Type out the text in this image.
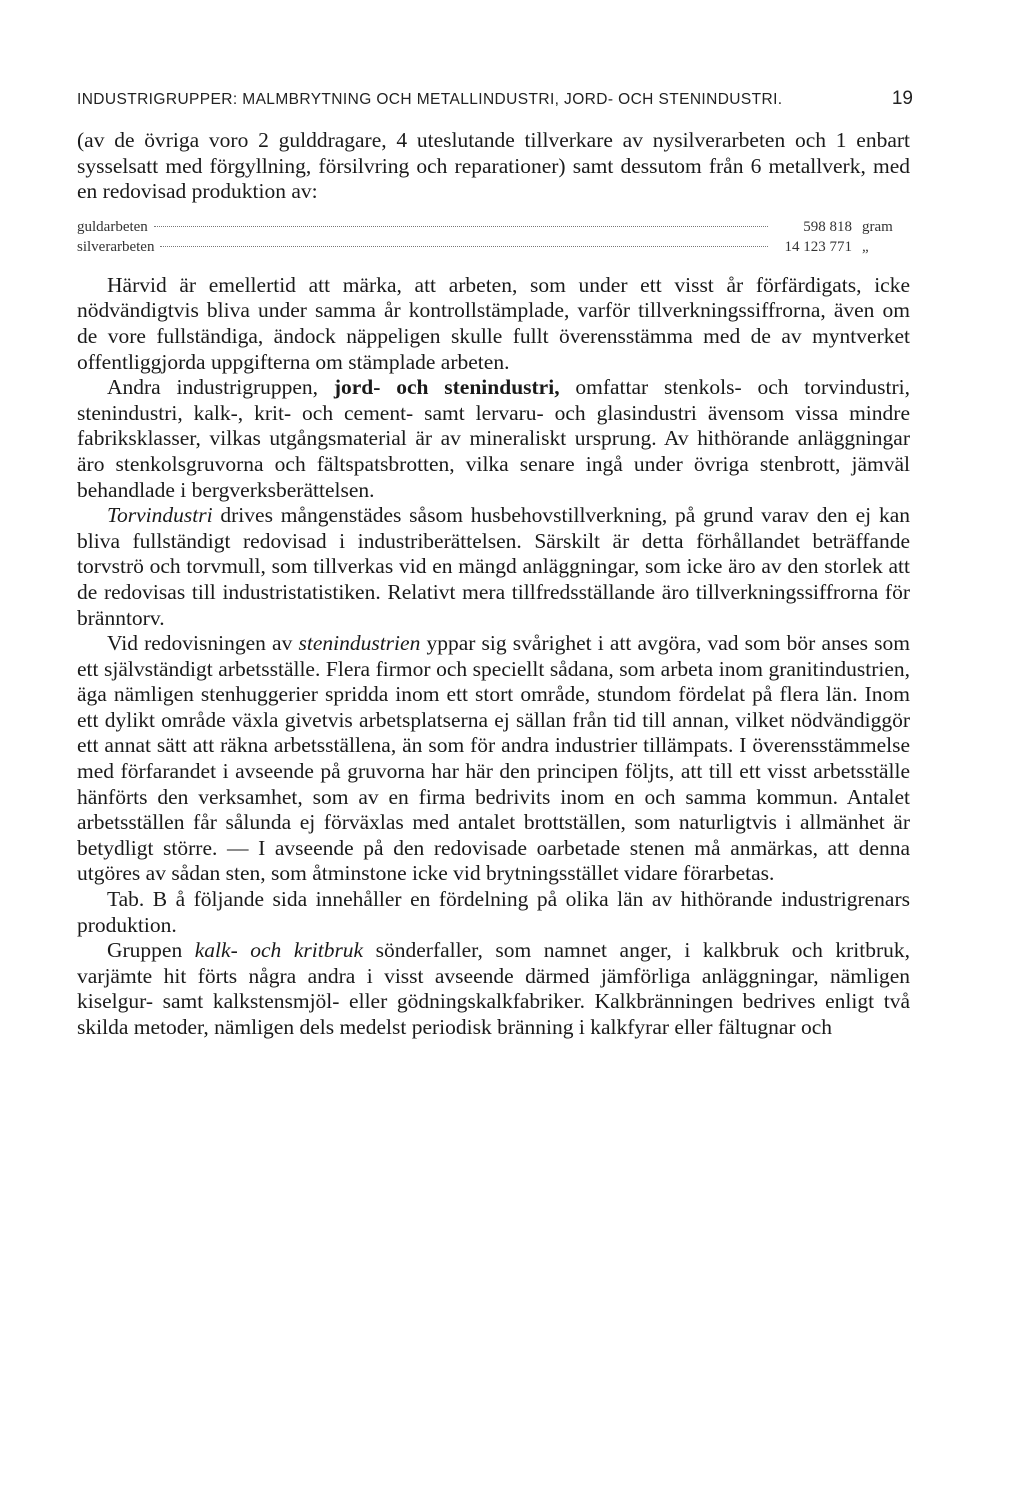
INDUSTRIGRUPPER: MALMBRYTNING OCH METALLINDUSTRI, JORD- OCH STENINDUSTRI.	19

(av de övriga voro 2 gulddragare, 4 uteslutande tillverkare av nysilverarbeten och 1 enbart sysselsatt med förgyllning, försilvring och reparationer) samt dessutom från 6 metallverk, med en redovisad produktion av:

guldarbeten	598 818 gram
silverarbeten	14 123 771 „

Härvid är emellertid att märka, att arbeten, som under ett visst år förfärdigats, icke nödvändigtvis bliva under samma år kontrollstämplade, varför tillverkningssiffrorna, även om de vore fullständiga, ändock näppeligen skulle fullt överensstämma med de av myntverket offentliggjorda uppgifterna om stämplade arbeten.

Andra industrigruppen, jord- och stenindustri, omfattar stenkols- och torvindustri, stenindustri, kalk-, krit- och cement- samt lervaru- och glasindustri ävensom vissa mindre fabriksklasser, vilkas utgångsmaterial är av mineraliskt ursprung. Av hithörande anläggningar äro stenkolsgruvorna och fältspatsbrotten, vilka senare ingå under övriga stenbrott, jämväl behandlade i bergverksberättelsen.

Torvindustri drives mångenstädes såsom husbehovstillverkning, på grund varav den ej kan bliva fullständigt redovisad i industriberättelsen. Särskilt är detta förhållandet beträffande torvströ och torvmull, som tillverkas vid en mängd anläggningar, som icke äro av den storlek att de redovisas till industristatistiken. Relativt mera tillfredsställande äro tillverkningssiffrorna för bränntorv.

Vid redovisningen av stenindustrien yppar sig svårighet i att avgöra, vad som bör anses som ett självständigt arbetsställe. Flera firmor och speciellt sådana, som arbeta inom granitindustrien, äga nämligen stenhuggerier spridda inom ett stort område, stundom fördelat på flera län. Inom ett dylikt område växla givetvis arbetsplatserna ej sällan från tid till annan, vilket nödvändiggör ett annat sätt att räkna arbetsställena, än som för andra industrier tillämpats. I överensstämmelse med förfarandet i avseende på gruvorna har här den principen följts, att till ett visst arbetsställe hänförts den verksamhet, som av en firma bedrivits inom en och samma kommun. Antalet arbetsställen får sålunda ej förväxlas med antalet brottställen, som naturligtvis i allmänhet är betydligt större. — I avseende på den redovisade oarbetade stenen må anmärkas, att denna utgöres av sådan sten, som åtminstone icke vid brytningsstället vidare förarbetas.

Tab. B å följande sida innehåller en fördelning på olika län av hithörande industrigrenars produktion.

Gruppen kalk- och kritbruk sönderfaller, som namnet anger, i kalkbruk och kritbruk, varjämte hit förts några andra i visst avseende därmed jämförliga anläggningar, nämligen kiselgur- samt kalkstensmjöl- eller gödningskalkfabriker. Kalkbränningen bedrives enligt två skilda metoder, nämligen dels medelst periodisk bränning i kalkfyrar eller fältugnar och
